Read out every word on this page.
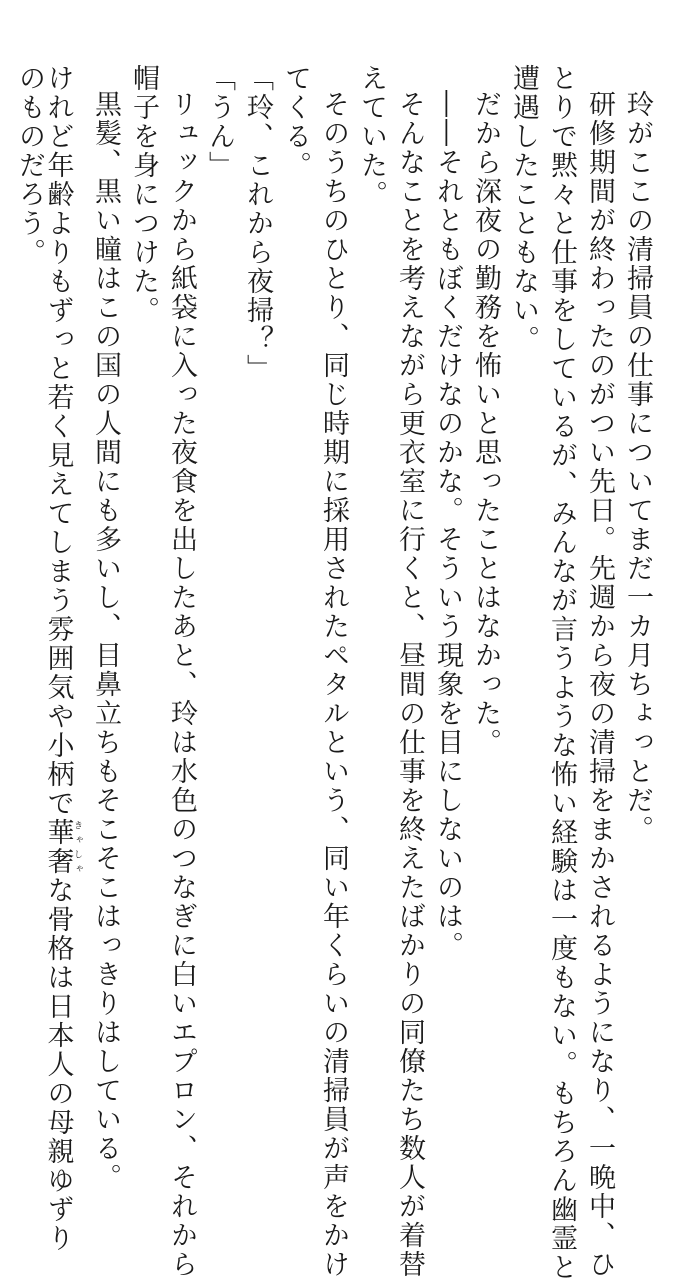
玲がここの清掃員の仕事についてまだ一カ月ちょっとだ。
研修期間が終わったのがつい先日。先週から夜の清掃をまかされるようになり、一晩中、ひ
とりで黙々と仕事をしているが、みんなが言うような怖い経験は一度もない。もちろん幽霊と
遭遇したこともない。
だから深夜の勤務を怖いと思ったことはなかった。
――それともぼくだけなのかな。そういう現象を目にしないのは。
そんなことを考えながら更衣室に行くと、昼間の仕事を終えたばかりの同僚たち数人が着替
えていた。
そのうちのひとり、同じ時期に採用されたペタルという、同い年くらいの清掃員が声をかけ
てくる。
「玲、これから夜掃？」
「うん」
リュックから紙袋に入った夜食を出したあと、玲は水色のつなぎに白いエプロン、それから
帽子を身につけた。
黒髪、黒い瞳はこの国の人間にも多いし、目鼻立ちもそこそこはっきりはしている。
けれど年齢よりもずっと若く見えてしまう雰囲気や小柄で華奢きゃしゃな骨格は日本人の母親ゆずり
のものだろう。
